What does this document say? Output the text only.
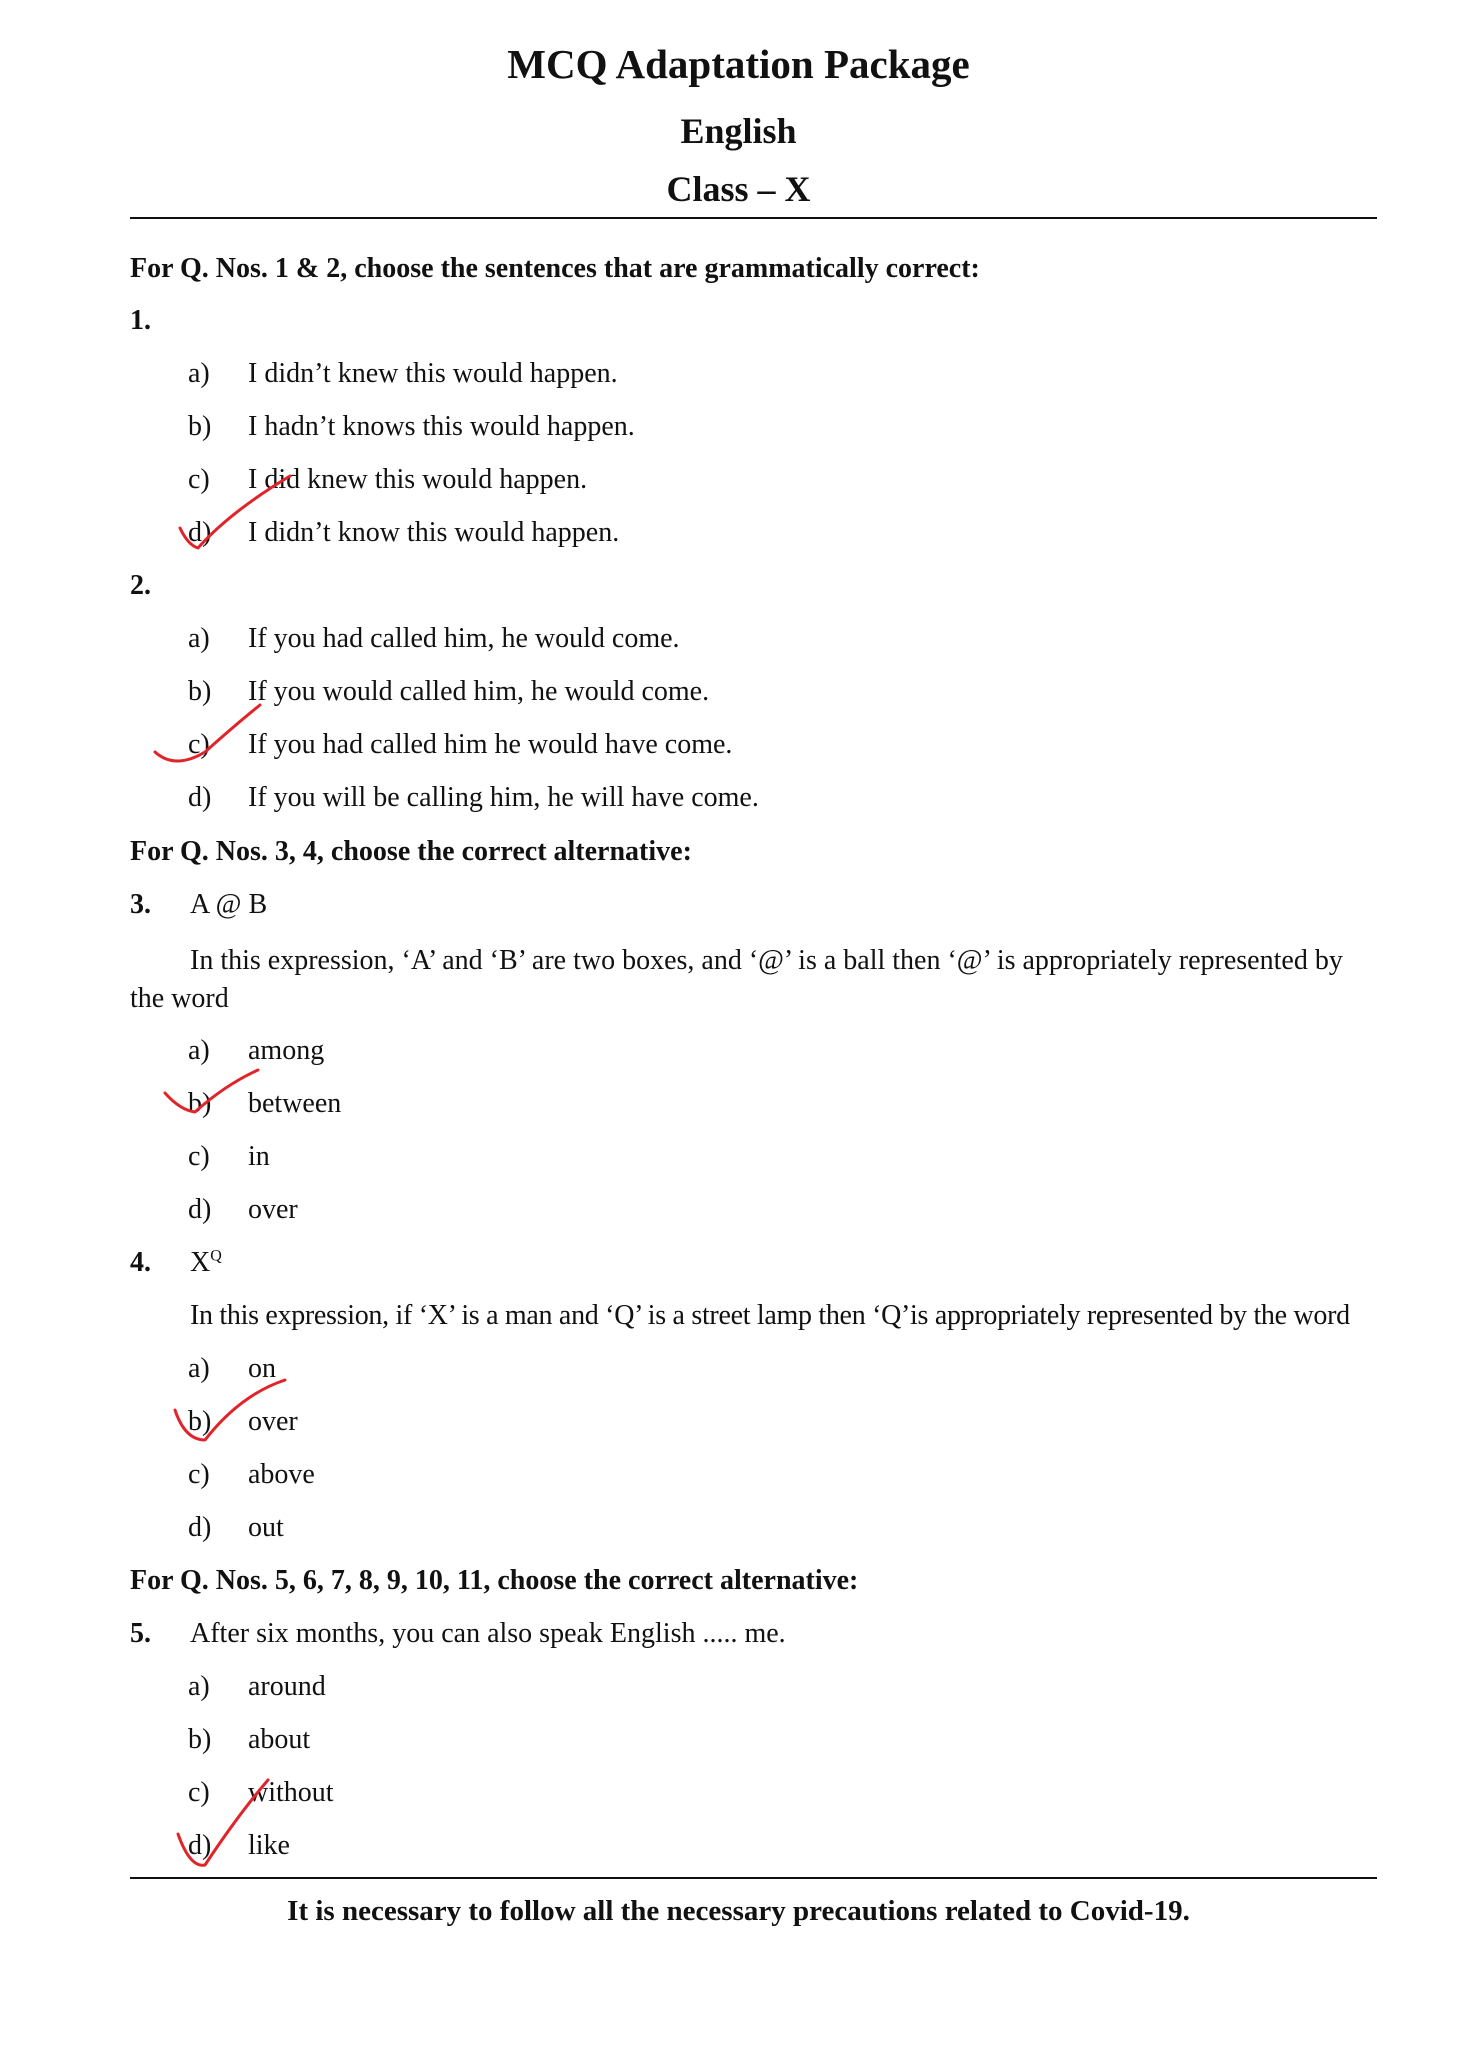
MCQ Adaptation Package
English
Class – X

For Q. Nos. 1 & 2, choose the sentences that are grammatically correct:

1.
a) I didn’t knew this would happen.
b) I hadn’t knows this would happen.
c) I did knew this would happen.
d) I didn’t know this would happen.
2.
a) If you had called him, he would come.
b) If you would called him, he would come.
c) If you had called him he would have come.
d) If you will be calling him, he will have come.

For Q. Nos. 3, 4, choose the correct alternative:

3. A @ B

In this expression, ‘A’ and ‘B’ are two boxes, and ‘@’ is a ball then ‘@’ is appropriately represented by the word

a) among
b) between
c) in
d) over
4. $X^Q$

In this expression, if ‘X’ is a man and ‘Q’ is a street lamp then ‘Q’is appropriately represented by the word

a) on
b) over
c) above
d) out

For Q. Nos. 5, 6, 7, 8, 9, 10, 11, choose the correct alternative:

5. After six months, you can also speak English ..... me.
a) around
b) about
c) without
d) like
It is necessary to follow all the necessary precautions related to Covid-19.
